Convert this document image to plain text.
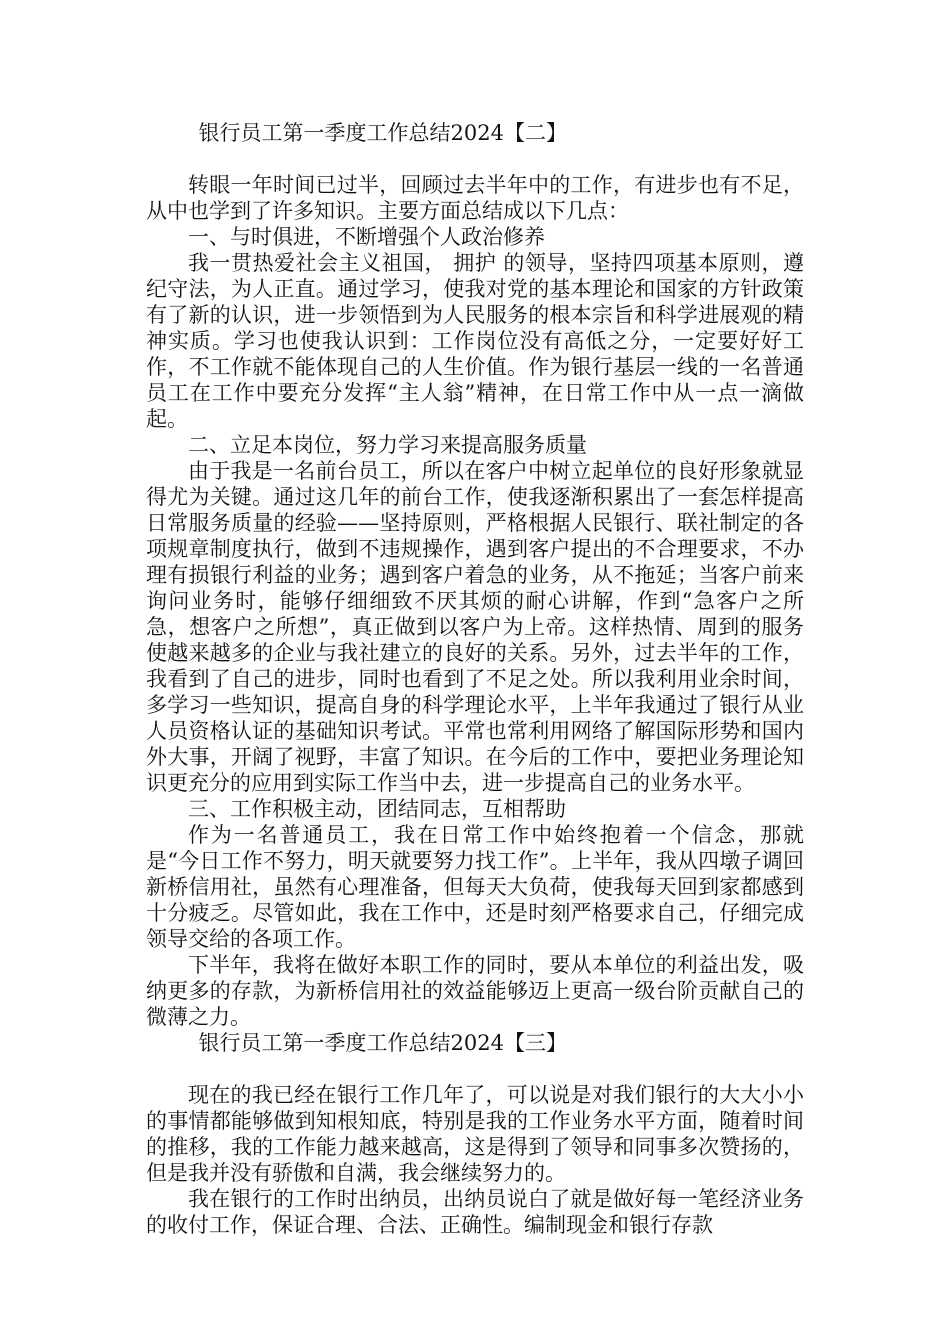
银行员工第一季度工作总结2024【二】

转眼一年时间已过半，回顾过去半年中的工作，有进步也有不足，从中也学到了许多知识。主要方面总结成以下几点：

一、与时俱进，不断增强个人政治修养

我一贯热爱社会主义祖国， 拥护 的领导，坚持四项基本原则，遵纪守法，为人正直。通过学习，使我对党的基本理论和国家的方针政策有了新的认识，进一步领悟到为人民服务的根本宗旨和科学进展观的精神实质。学习也使我认识到：工作岗位没有高低之分，一定要好好工作，不工作就不能体现自己的人生价值。作为银行基层一线的一名普通员工在工作中要充分发挥“主人翁”精神，在日常工作中从一点一滴做起。

二、立足本岗位，努力学习来提高服务质量

由于我是一名前台员工，所以在客户中树立起单位的良好形象就显得尤为关键。通过这几年的前台工作，使我逐渐积累出了一套怎样提高日常服务质量的经验——坚持原则，严格根据人民银行、联社制定的各项规章制度执行，做到不违规操作，遇到客户提出的不合理要求，不办理有损银行利益的业务；遇到客户着急的业务，从不拖延；当客户前来询问业务时，能够仔细细致不厌其烦的耐心讲解，作到“急客户之所急，想客户之所想”，真正做到以客户为上帝。这样热情、周到的服务使越来越多的企业与我社建立的良好的关系。另外，过去半年的工作，我看到了自己的进步，同时也看到了不足之处。所以我利用业余时间，多学习一些知识，提高自身的科学理论水平，上半年我通过了银行从业人员资格认证的基础知识考试。平常也常利用网络了解国际形势和国内外大事，开阔了视野，丰富了知识。在今后的工作中，要把业务理论知识更充分的应用到实际工作当中去，进一步提高自己的业务水平。

三、工作积极主动，团结同志，互相帮助

作为一名普通员工，我在日常工作中始终抱着一个信念，那就是“今日工作不努力，明天就要努力找工作”。上半年，我从四墩子调回新桥信用社，虽然有心理准备，但每天大负荷，使我每天回到家都感到十分疲乏。尽管如此，我在工作中，还是时刻严格要求自己，仔细完成领导交给的各项工作。

下半年，我将在做好本职工作的同时，要从本单位的利益出发，吸纳更多的存款，为新桥信用社的效益能够迈上更高一级台阶贡献自己的微薄之力。

银行员工第一季度工作总结2024【三】

现在的我已经在银行工作几年了，可以说是对我们银行的大大小小的事情都能够做到知根知底，特别是我的工作业务水平方面，随着时间的推移，我的工作能力越来越高，这是得到了领导和同事多次赞扬的，但是我并没有骄傲和自满，我会继续努力的。

我在银行的工作时出纳员，出纳员说白了就是做好每一笔经济业务的收付工作，保证合理、合法、正确性。编制现金和银行存款
